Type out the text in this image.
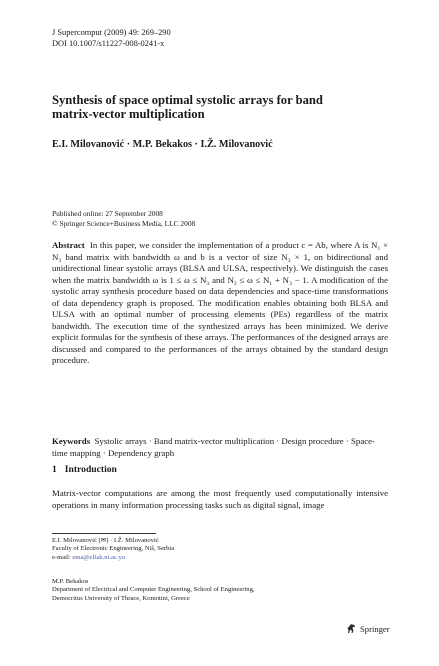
J Supercomput (2009) 49: 269–290
DOI 10.1007/s11227-008-0241-x
Synthesis of space optimal systolic arrays for band
matrix-vector multiplication
E.I. Milovanović · M.P. Bekakos · I.Ž. Milovanović
Published online: 27 September 2008
© Springer Science+Business Media, LLC 2008
Abstract In this paper, we consider the implementation of a product c = Ab, where A is N₁ × N₃ band matrix with bandwidth ω and b is a vector of size N₃ × 1, on bidirectional and unidirectional linear systolic arrays (BLSA and ULSA, respectively). We distinguish the cases when the matrix bandwidth ω is 1 ≤ ω ≤ N₃ and N₃ ≤ ω ≤ N₁ + N₃ − 1. A modification of the systolic array synthesis procedure based on data dependencies and space-time transformations of data dependency graph is proposed. The modification enables obtaining both BLSA and ULSA with an optimal number of processing elements (PEs) regardless of the matrix bandwidth. The execution time of the synthesized arrays has been minimized. We derive explicit formulas for the synthesis of these arrays. The performances of the designed arrays are discussed and compared to the performances of the arrays obtained by the standard design procedure.
Keywords Systolic arrays · Band matrix-vector multiplication · Design procedure · Space-time mapping · Dependency graph
1 Introduction
Matrix-vector computations are among the most frequently used computationally intensive operations in many information processing tasks such as digital signal, image
E.I. Milovanović (✉) · I.Ž. Milovanović
Faculty of Electronic Engineering, Niš, Serbia
e-mail: ema@elfak.ni.ac.yu
M.P. Bekakos
Department of Electrical and Computer Engineering, School of Engineering,
Democritus University of Thrace, Komotini, Greece
Springer
